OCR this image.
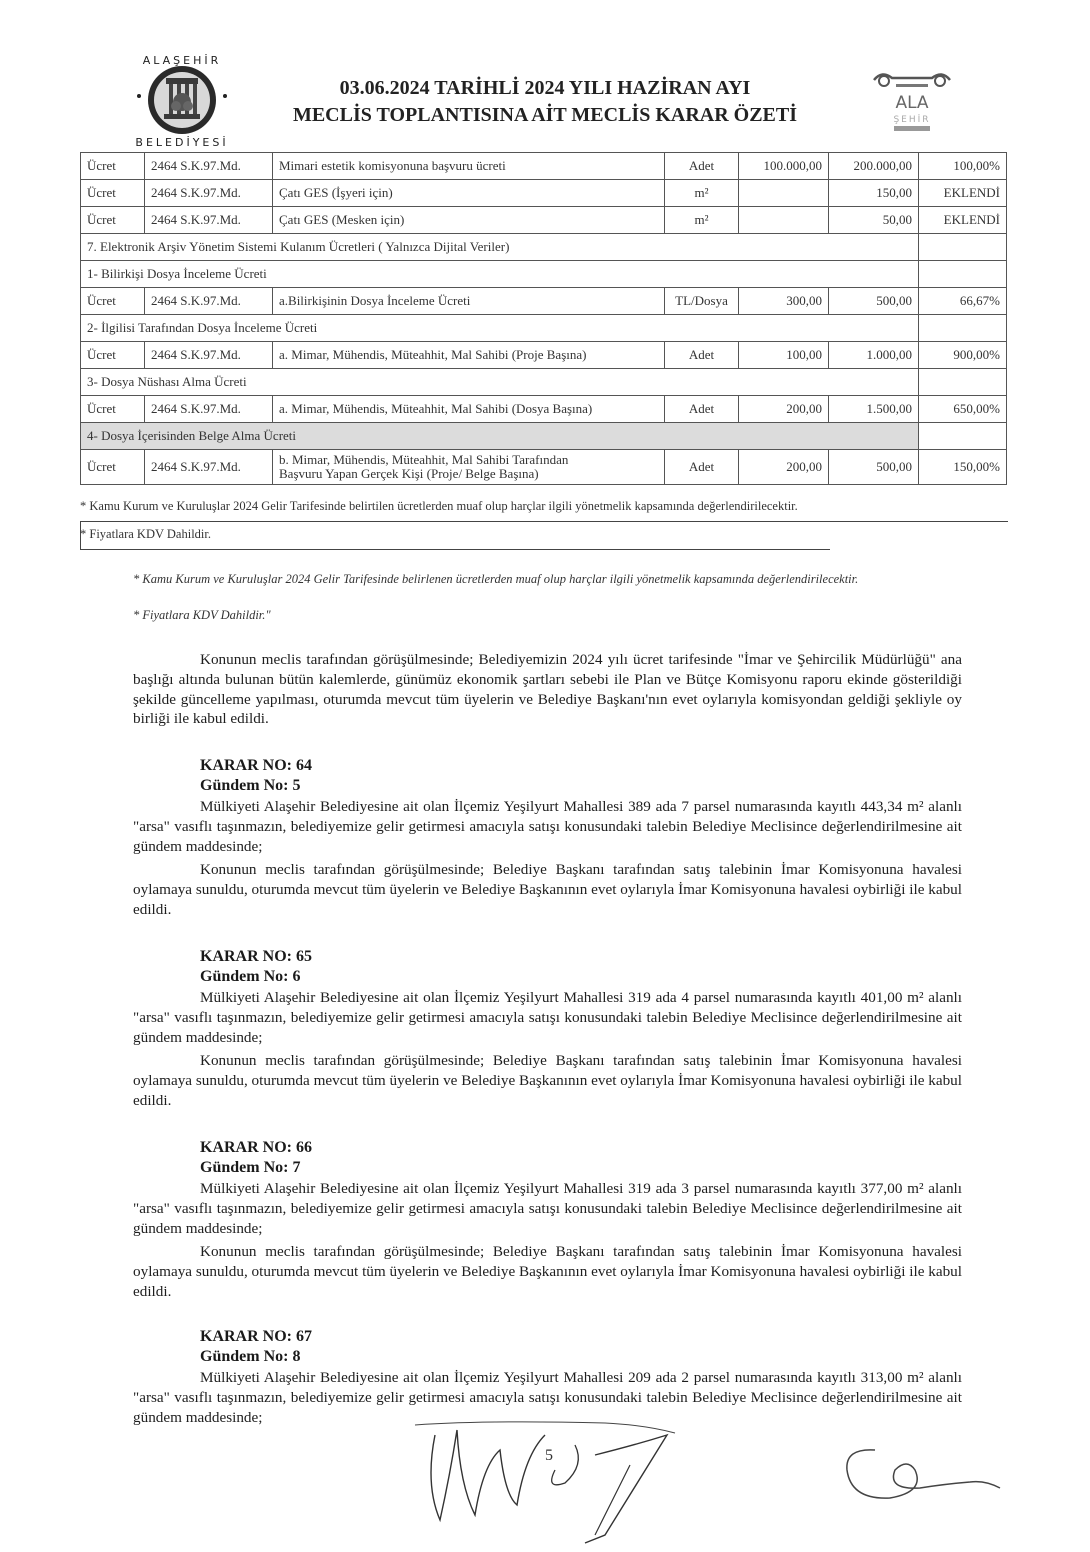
ALAŞEHİR
BELEDİYESİ
ALA
ŞEHİR
03.06.2024 TARİHLİ 2024 YILI HAZİRAN AYI
MECLİS TOPLANTISINA AİT MECLİS KARAR ÖZETİ
Ücret	2464 S.K.97.Md.	Mimari estetik komisyonuna başvuru ücreti	Adet	100.000,00	200.000,00	100,00%
Ücret	2464 S.K.97.Md.	Çatı GES (İşyeri için)	m²		150,00	EKLENDİ
Ücret	2464 S.K.97.Md.	Çatı GES (Mesken için)	m²		50,00	EKLENDİ
7. Elektronik Arşiv Yönetim Sistemi Kulanım Ücretleri ( Yalnızca Dijital Veriler)						
1- Bilirkişi Dosya İnceleme Ücreti						
Ücret	2464 S.K.97.Md.	a.Bilirkişinin Dosya İnceleme Ücreti	TL/Dosya	300,00	500,00	66,67%
2- İlgilisi Tarafından Dosya İnceleme Ücreti						
Ücret	2464 S.K.97.Md.	a. Mimar, Mühendis, Müteahhit, Mal Sahibi (Proje Başına)	Adet	100,00	1.000,00	900,00%
3- Dosya Nüshası Alma Ücreti						
Ücret	2464 S.K.97.Md.	a. Mimar, Mühendis, Müteahhit, Mal Sahibi (Dosya Başına)	Adet	200,00	1.500,00	650,00%
4- Dosya İçerisinden Belge Alma Ücreti						
Ücret	2464 S.K.97.Md.	b. Mimar, Mühendis, Müteahhit, Mal Sahibi Tarafından
Başvuru Yapan Gerçek Kişi (Proje/ Belge Başına)	Adet	200,00	500,00	150,00%
* Kamu Kurum ve Kuruluşlar 2024 Gelir Tarifesinde belirtilen ücretlerden muaf olup harçlar ilgili yönetmelik kapsamında değerlendirilecektir.
* Fiyatlara KDV Dahildir.
* Kamu Kurum ve Kuruluşlar 2024 Gelir Tarifesinde belirlenen ücretlerden muaf olup harçlar ilgili yönetmelik kapsamında değerlendirilecektir.
* Fiyatlara KDV Dahildir."
Konunun meclis tarafından görüşülmesinde; Belediyemizin 2024 yılı ücret tarifesinde "İmar ve Şehircilik Müdürlüğü" ana başlığı altında bulunan bütün kalemlerde, günümüz ekonomik şartları sebebi ile Plan ve Bütçe Komisyonu raporu ekinde gösterildiği şekilde güncelleme yapılması, oturumda mevcut tüm üyelerin ve Belediye Başkanı'nın evet oylarıyla komisyondan geldiği şekliyle oy birliği ile kabul edildi.
KARAR NO: 64
Gündem No: 5
Mülkiyeti Alaşehir Belediyesine ait olan İlçemiz Yeşilyurt Mahallesi 389 ada 7 parsel numarasında kayıtlı 443,34 m² alanlı "arsa" vasıflı taşınmazın, belediyemize gelir getirmesi amacıyla satışı konusundaki talebin Belediye Meclisince değerlendirilmesine ait gündem maddesinde;
Konunun meclis tarafından görüşülmesinde; Belediye Başkanı tarafından satış talebinin İmar Komisyonuna havalesi oylamaya sunuldu, oturumda mevcut tüm üyelerin ve Belediye Başkanının evet oylarıyla İmar Komisyonuna havalesi oybirliği ile kabul edildi.
KARAR NO: 65
Gündem No: 6
Mülkiyeti Alaşehir Belediyesine ait olan İlçemiz Yeşilyurt Mahallesi 319 ada 4 parsel numarasında kayıtlı 401,00 m² alanlı "arsa" vasıflı taşınmazın, belediyemize gelir getirmesi amacıyla satışı konusundaki talebin Belediye Meclisince değerlendirilmesine ait gündem maddesinde;
Konunun meclis tarafından görüşülmesinde; Belediye Başkanı tarafından satış talebinin İmar Komisyonuna havalesi oylamaya sunuldu, oturumda mevcut tüm üyelerin ve Belediye Başkanının evet oylarıyla İmar Komisyonuna havalesi oybirliği ile kabul edildi.
KARAR NO: 66
Gündem No: 7
Mülkiyeti Alaşehir Belediyesine ait olan İlçemiz Yeşilyurt Mahallesi 319 ada 3 parsel numarasında kayıtlı 377,00 m² alanlı "arsa" vasıflı taşınmazın, belediyemize gelir getirmesi amacıyla satışı konusundaki talebin Belediye Meclisince değerlendirilmesine ait gündem maddesinde;
Konunun meclis tarafından görüşülmesinde; Belediye Başkanı tarafından satış talebinin İmar Komisyonuna havalesi oylamaya sunuldu, oturumda mevcut tüm üyelerin ve Belediye Başkanının evet oylarıyla İmar Komisyonuna havalesi oybirliği ile kabul edildi.
KARAR NO: 67
Gündem No: 8
Mülkiyeti Alaşehir Belediyesine ait olan İlçemiz Yeşilyurt Mahallesi 209 ada 2 parsel numarasında kayıtlı 313,00 m² alanlı "arsa" vasıflı taşınmazın, belediyemize gelir getirmesi amacıyla satışı konusundaki talebin Belediye Meclisince değerlendirilmesine ait gündem maddesinde;
5
